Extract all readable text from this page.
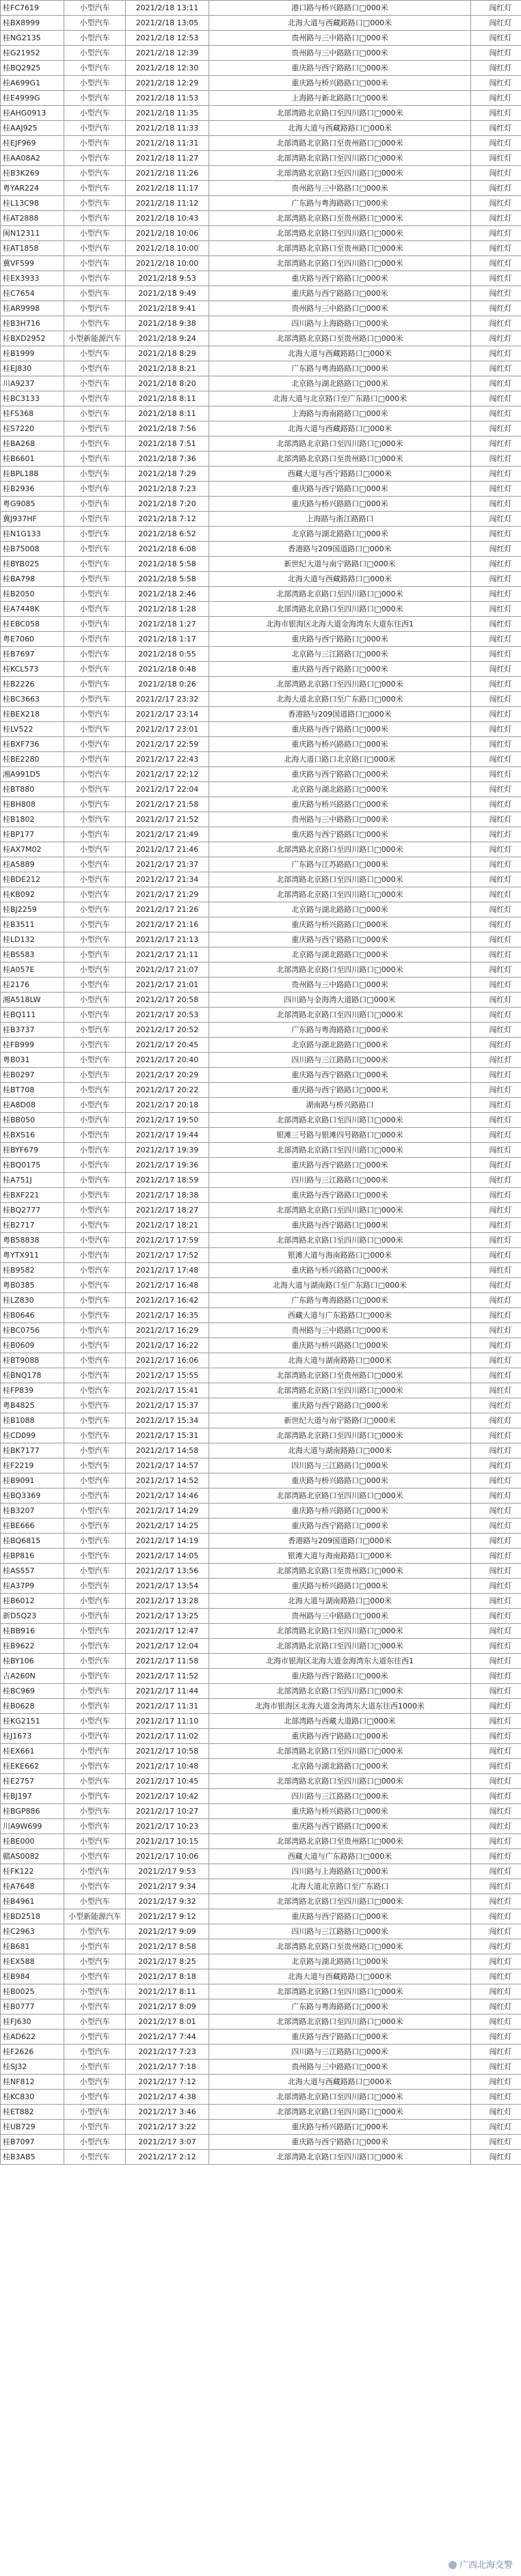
桂FC7619	小型汽车	2021/2/18 13:11	港口路与桥兴路路口□000米	闯红灯
桂BX8999	小型汽车	2021/2/18 13:05	北海大道与西藏路路口□000米	闯红灯
桂NG2135	小型汽车	2021/2/18 12:53	贵州路与三中路路口□000米	闯红灯
桂G21952	小型汽车	2021/2/18 12:39	贵州路与三中路路口□000米	闯红灯
桂BQ2925	小型汽车	2021/2/18 12:30	重庆路与西宁路路口□000米	闯红灯
桂A699G1	小型汽车	2021/2/18 12:29	重庆路与桥兴路路口□000米	闯红灯
桂E4999G	小型汽车	2021/2/18 11:53	上海路与新北路路口□000米	闯红灯
桂AHG0913	小型汽车	2021/2/18 11:35	北部湾路北京路口至四川路口□000米	闯红灯
桂AAJ925	小型汽车	2021/2/18 11:33	北海大道与西藏路路口□000米	闯红灯
桂EJF969	小型汽车	2021/2/18 11:31	北部湾路北京路口至贵州路口□000米	闯红灯
桂AA08A2	小型汽车	2021/2/18 11:27	北部湾路北京路口至四川路口□000米	闯红灯
桂B3K269	小型汽车	2021/2/18 11:26	北部湾路北京路口至四川路口□000米	闯红灯
粤YAR224	小型汽车	2021/2/18 11:17	贵州路与三中路路口□000米	闯红灯
桂L13C98	小型汽车	2021/2/18 11:12	广东路与粤海路路口□000米	闯红灯
桂AT2888	小型汽车	2021/2/18 10:43	北部湾路北京路口至贵州路口□000米	闯红灯
闽N12311	小型汽车	2021/2/18 10:06	北部湾路北京路口至四川路口□000米	闯红灯
桂AT1858	小型汽车	2021/2/18 10:00	北部湾路北京路口至贵州路口□000米	闯红灯
冀VF599	小型汽车	2021/2/18 10:00	北部湾路北京路口至四川路口□000米	闯红灯
桂EX3933	小型汽车	2021/2/18 9:53	重庆路与西宁路路口□000米	闯红灯
桂C7654	小型汽车	2021/2/18 9:49	重庆路与西宁路路口□000米	闯红灯
桂AR9998	小型汽车	2021/2/18 9:41	贵州路与三中路路口□000米	闯红灯
桂B3H716	小型汽车	2021/2/18 9:38	四川路与上海路路口□000米	闯红灯
桂BXD2952	小型新能源汽车	2021/2/18 9:24	北部湾路北京路口至贵州路口□000米	闯红灯
桂B1999	小型汽车	2021/2/18 8:29	北海大道与西藏路路口□000米	闯红灯
桂EJ830	小型汽车	2021/2/18 8:21	广东路与粤海路路口□000米	闯红灯
川A9237	小型汽车	2021/2/18 8:20	北京路与湖北路路口□000米	闯红灯
桂BC3133	小型汽车	2021/2/18 8:11	北海大道与北京路口至广东路口□000米	闯红灯
桂FS368	小型汽车	2021/2/18 8:11	上海路与海南路路口□000米	闯红灯
桂S7220	小型汽车	2021/2/18 7:56	北海大道与西藏路路口□000米	闯红灯
桂BA268	小型汽车	2021/2/18 7:51	北部湾路北京路口至四川路口□000米	闯红灯
桂B6601	小型汽车	2021/2/18 7:36	北部湾路北京路口至贵州路口□000米	闯红灯
桂BPL188	小型汽车	2021/2/18 7:29	西藏大道与西宁路路口□000米	闯红灯
桂B2936	小型汽车	2021/2/18 7:23	重庆路与西宁路路口□000米	闯红灯
粤G9085	小型汽车	2021/2/18 7:20	重庆路与桥兴路路口□000米	闯红灯
冀J937HF	小型汽车	2021/2/18 7:12	上海路与浙江路路口	闯红灯
桂N1G133	小型汽车	2021/2/18 6:52	北京路与湖北路路口□000米	闯红灯
桂B75008	小型汽车	2021/2/18 6:08	香港路与209国道路口□000米	闯红灯
桂BYB025	小型汽车	2021/2/18 5:58	新世纪大道与南宁路路口□000米	闯红灯
桂BA798	小型汽车	2021/2/18 5:58	北海大道与西藏路路口□000米	闯红灯
桂B2050	小型汽车	2021/2/18 2:46	北部湾路北京路口至四川路口□000米	闯红灯
桂A7448K	小型汽车	2021/2/18 1:28	北部湾路北京路口至四川路口□000米	闯红灯
桂EBC058	小型汽车	2021/2/18 1:27	北海市银海区北海大道金海湾东大道东往西1	闯红灯
粤E7060	小型汽车	2021/2/18 1:17	重庆路与西宁路路口□000米	闯红灯
桂B7697	小型汽车	2021/2/18 0:55	北京路与三江路路口□000米	闯红灯
桂KCL573	小型汽车	2021/2/18 0:48	重庆路与西宁路路口□000米	闯红灯
桂B2226	小型汽车	2021/2/18 0:26	北部湾路北京路口至四川路口□000米	闯红灯
桂BC3663	小型汽车	2021/2/17 23:32	北海大道北京路口至广东路口□000米	闯红灯
桂BEX218	小型汽车	2021/2/17 23:14	香港路与209国道路口□000米	闯红灯
桂LV522	小型汽车	2021/2/17 23:01	重庆路与西宁路路口□000米	闯红灯
桂BXF736	小型汽车	2021/2/17 22:59	重庆路与桥兴路路口□000米	闯红灯
桂BE2280	小型汽车	2021/2/17 22:43	北海大道口路口北京路口□000米	闯红灯
湘A991D5	小型汽车	2021/2/17 22:12	重庆路与西宁路路口□000米	闯红灯
桂BT880	小型汽车	2021/2/17 22:04	北京路与湖北路路口□000米	闯红灯
桂BH808	小型汽车	2021/2/17 21:58	重庆路与桥兴路路口□000米	闯红灯
桂B1802	小型汽车	2021/2/17 21:52	贵州路与三中路路口□000米	闯红灯
桂BP177	小型汽车	2021/2/17 21:49	重庆路与西宁路路口□000米	闯红灯
桂AX7M02	小型汽车	2021/2/17 21:46	北部湾路北京路口至四川路口□000米	闯红灯
桂A5889	小型汽车	2021/2/17 21:37	广东路与江苏路路口□000米	闯红灯
桂BDE212	小型汽车	2021/2/17 21:34	北部湾路北京路口至四川路口□000米	闯红灯
桂KB092	小型汽车	2021/2/17 21:29	北部湾路北京路口至四川路口□000米	闯红灯
桂BJ2259	小型汽车	2021/2/17 21:26	北京路与湖北路路口□000米	闯红灯
桂B3511	小型汽车	2021/2/17 21:16	重庆路与桥兴路路口□000米	闯红灯
桂LD132	小型汽车	2021/2/17 21:13	重庆路与西宁路路口□000米	闯红灯
桂BS583	小型汽车	2021/2/17 21:11	北京路与湖北路路口□000米	闯红灯
桂A057E	小型汽车	2021/2/17 21:07	北部湾路北京路口至四川路口□000米	闯红灯
桂2176	小型汽车	2021/2/17 21:01	贵州路与三中路路口□000米	闯红灯
湘A518LW	小型汽车	2021/2/17 20:58	四川路与金海湾大道路口□000米	闯红灯
桂BQ111	小型汽车	2021/2/17 20:53	北部湾路北京路口至四川路口□000米	闯红灯
桂B3737	小型汽车	2021/2/17 20:52	广东路与粤海路路口□000米	闯红灯
桂FB999	小型汽车	2021/2/17 20:45	北京路与湖北路路口□000米	闯红灯
粤B031	小型汽车	2021/2/17 20:40	四川路与三江路路口□000米	闯红灯
桂B0297	小型汽车	2021/2/17 20:29	重庆路与西宁路路口□000米	闯红灯
桂BT708	小型汽车	2021/2/17 20:22	重庆路与西宁路路口□000米	闯红灯
桂A8D08	小型汽车	2021/2/17 20:18	湖南路与桥兴路路口	闯红灯
桂BB050	小型汽车	2021/2/17 19:50	北部湾路北京路口至四川路口□000米	闯红灯
桂BXS16	小型汽车	2021/2/17 19:44	银滩三号路与银滩四号路路口□000米	闯红灯
桂BYF679	小型汽车	2021/2/17 19:39	北部湾路北京路口至四川路口□000米	闯红灯
桂BQ0175	小型汽车	2021/2/17 19:36	重庆路与西宁路路口□000米	闯红灯
桂A751J	小型汽车	2021/2/17 18:59	四川路与三江路路口□000米	闯红灯
桂BXF221	小型汽车	2021/2/17 18:38	重庆路与西宁路路口□000米	闯红灯
桂BQ2777	小型汽车	2021/2/17 18:27	北部湾路北京路口至四川路口□000米	闯红灯
桂B2717	小型汽车	2021/2/17 18:21	重庆路与西宁路路口□000米	闯红灯
粤B58838	小型汽车	2021/2/17 17:59	北部湾路北京路口至四川路口□000米	闯红灯
粤YTX911	小型汽车	2021/2/17 17:52	银滩大道与海南路路口□000米	闯红灯
桂B9582	小型汽车	2021/2/17 17:48	重庆路与桥兴路路口□000米	闯红灯
粤B0385	小型汽车	2021/2/17 16:48	北海大道与湖南路口至广东路口□000米	闯红灯
桂LZ830	小型汽车	2021/2/17 16:42	广东路与粤海路路口□000米	闯红灯
桂B0646	小型汽车	2021/2/17 16:35	西藏大道与广东路路口□000米	闯红灯
桂BC0756	小型汽车	2021/2/17 16:29	贵州路与三中路路口□000米	闯红灯
桂B0609	小型汽车	2021/2/17 16:22	重庆路与桥兴路路口□000米	闯红灯
桂BT9088	小型汽车	2021/2/17 16:06	北海大道与湖南路路口□000米	闯红灯
桂BNQ178	小型汽车	2021/2/17 15:55	北部湾路北京路口至贵州路口□000米	闯红灯
桂FP839	小型汽车	2021/2/17 15:41	北部湾路北京路口至四川路口□000米	闯红灯
粤B4825	小型汽车	2021/2/17 15:37	重庆路与西宁路路口□000米	闯红灯
桂B1088	小型汽车	2021/2/17 15:34	新世纪大道与南宁路路口□000米	闯红灯
桂CD099	小型汽车	2021/2/17 15:31	北部湾路北京路口至四川路口□000米	闯红灯
桂BK7177	小型汽车	2021/2/17 14:58	北海大道与湖南路路口□000米	闯红灯
桂F2219	小型汽车	2021/2/17 14:57	四川路与三江路路口□000米	闯红灯
桂B9091	小型汽车	2021/2/17 14:52	重庆路与桥兴路路口□000米	闯红灯
桂BQ3369	小型汽车	2021/2/17 14:46	北部湾路北京路口至四川路口□000米	闯红灯
桂B3207	小型汽车	2021/2/17 14:29	重庆路与桥兴路路口□000米	闯红灯
桂BE666	小型汽车	2021/2/17 14:25	重庆路与西宁路路口□000米	闯红灯
桂BQ6815	小型汽车	2021/2/17 14:19	香港路与209国道路口□000米	闯红灯
桂BP816	小型汽车	2021/2/17 14:05	银滩大道与海南路路口□000米	闯红灯
桂AS557	小型汽车	2021/2/17 13:56	北部湾路北京路口至贵州路口□000米	闯红灯
桂A37P9	小型汽车	2021/2/17 13:54	重庆路与桥兴路路口□000米	闯红灯
桂B6012	小型汽车	2021/2/17 13:28	北海大道与湖南路路口□000米	闯红灯
新D5Q23	小型汽车	2021/2/17 13:25	贵州路与三中路路口□000米	闯红灯
桂BB916	小型汽车	2021/2/17 12:47	北部湾路北京路口至四川路口□000米	闯红灯
桂B9622	小型汽车	2021/2/17 12:04	北部湾路北京路口至四川路口□000米	闯红灯
桂BY106	小型汽车	2021/2/17 11:58	北海市银海区北海大道金海湾东大道东往西1	闯红灯
吉A260N	小型汽车	2021/2/17 11:52	重庆路与西宁路路口□000米	闯红灯
桂BC969	小型汽车	2021/2/17 11:44	北部湾路北京路口至四川路口□000米	闯红灯
桂B0628	小型汽车	2021/2/17 11:31	北海市银海区北海大道金海湾东大道东往西1000米	闯红灯
桂KG2151	小型汽车	2021/2/17 11:10	北部湾路与西藏大道路口□000米	闯红灯
桂J1673	小型汽车	2021/2/17 11:02	重庆路与西宁路路口□000米	闯红灯
桂EX661	小型汽车	2021/2/17 10:58	北部湾路北京路口至四川路口□000米	闯红灯
桂EKE662	小型汽车	2021/2/17 10:48	北京路与湖北路路口□000米	闯红灯
桂E2757	小型汽车	2021/2/17 10:45	北部湾路北京路口至四川路口□000米	闯红灯
桂BJ197	小型汽车	2021/2/17 10:42	四川路与三江路路口□000米	闯红灯
桂BGP886	小型汽车	2021/2/17 10:27	重庆路与桥兴路路口□000米	闯红灯
川A9W699	小型汽车	2021/2/17 10:23	重庆路与西宁路路口□000米	闯红灯
桂BE000	小型汽车	2021/2/17 10:15	北部湾路北京路口至贵州路口□000米	闯红灯
赣AS0082	小型汽车	2021/2/17 10:06	西藏大道与广东路路口□000米	闯红灯
桂FK122	小型汽车	2021/2/17 9:53	四川路与上海路路口□000米	闯红灯
桂A7648	小型汽车	2021/2/17 9:34	北海大道北京路口至广东路口	闯红灯
桂B4961	小型汽车	2021/2/17 9:32	北部湾路北京路口至四川路口□000米	闯红灯
桂BD2518	小型新能源汽车	2021/2/17 9:12	重庆路与西宁路路口□000米	闯红灯
桂C2963	小型汽车	2021/2/17 9:09	四川路与三江路路口□000米	闯红灯
桂B681	小型汽车	2021/2/17 8:58	北部湾路北京路口至贵州路口□000米	闯红灯
桂EX588	小型汽车	2021/2/17 8:25	北京路与湖北路路口□000米	闯红灯
桂B984	小型汽车	2021/2/17 8:18	北海大道与西藏路路口□000米	闯红灯
桂B0025	小型汽车	2021/2/17 8:11	北部湾路北京路口至四川路口□000米	闯红灯
桂B0777	小型汽车	2021/2/17 8:09	广东路与粤海路路口□000米	闯红灯
桂FJ630	小型汽车	2021/2/17 8:01	北部湾路北京路口至四川路口□000米	闯红灯
桂AD622	小型汽车	2021/2/17 7:44	重庆路与西宁路路口□000米	闯红灯
桂F2626	小型汽车	2021/2/17 7:23	四川路与三江路路口□000米	闯红灯
桂SJ32	小型汽车	2021/2/17 7:18	贵州路与三中路路口□000米	闯红灯
桂NF812	小型汽车	2021/2/17 7:12	北海大道与西藏路路口□000米	闯红灯
桂KC830	小型汽车	2021/2/17 4:38	北部湾路北京路口至四川路口□000米	闯红灯
桂ET882	小型汽车	2021/2/17 3:46	北部湾路北京路口至四川路口□000米	闯红灯
桂UB729	小型汽车	2021/2/17 3:22	重庆路与桥兴路路口□000米	闯红灯
桂B7097	小型汽车	2021/2/17 3:07	重庆路与西宁路路口□000米	闯红灯
桂B3AB5	小型汽车	2021/2/17 2:12	北部湾路北京路口至四川路口□000米	闯红灯
广西北海交警
